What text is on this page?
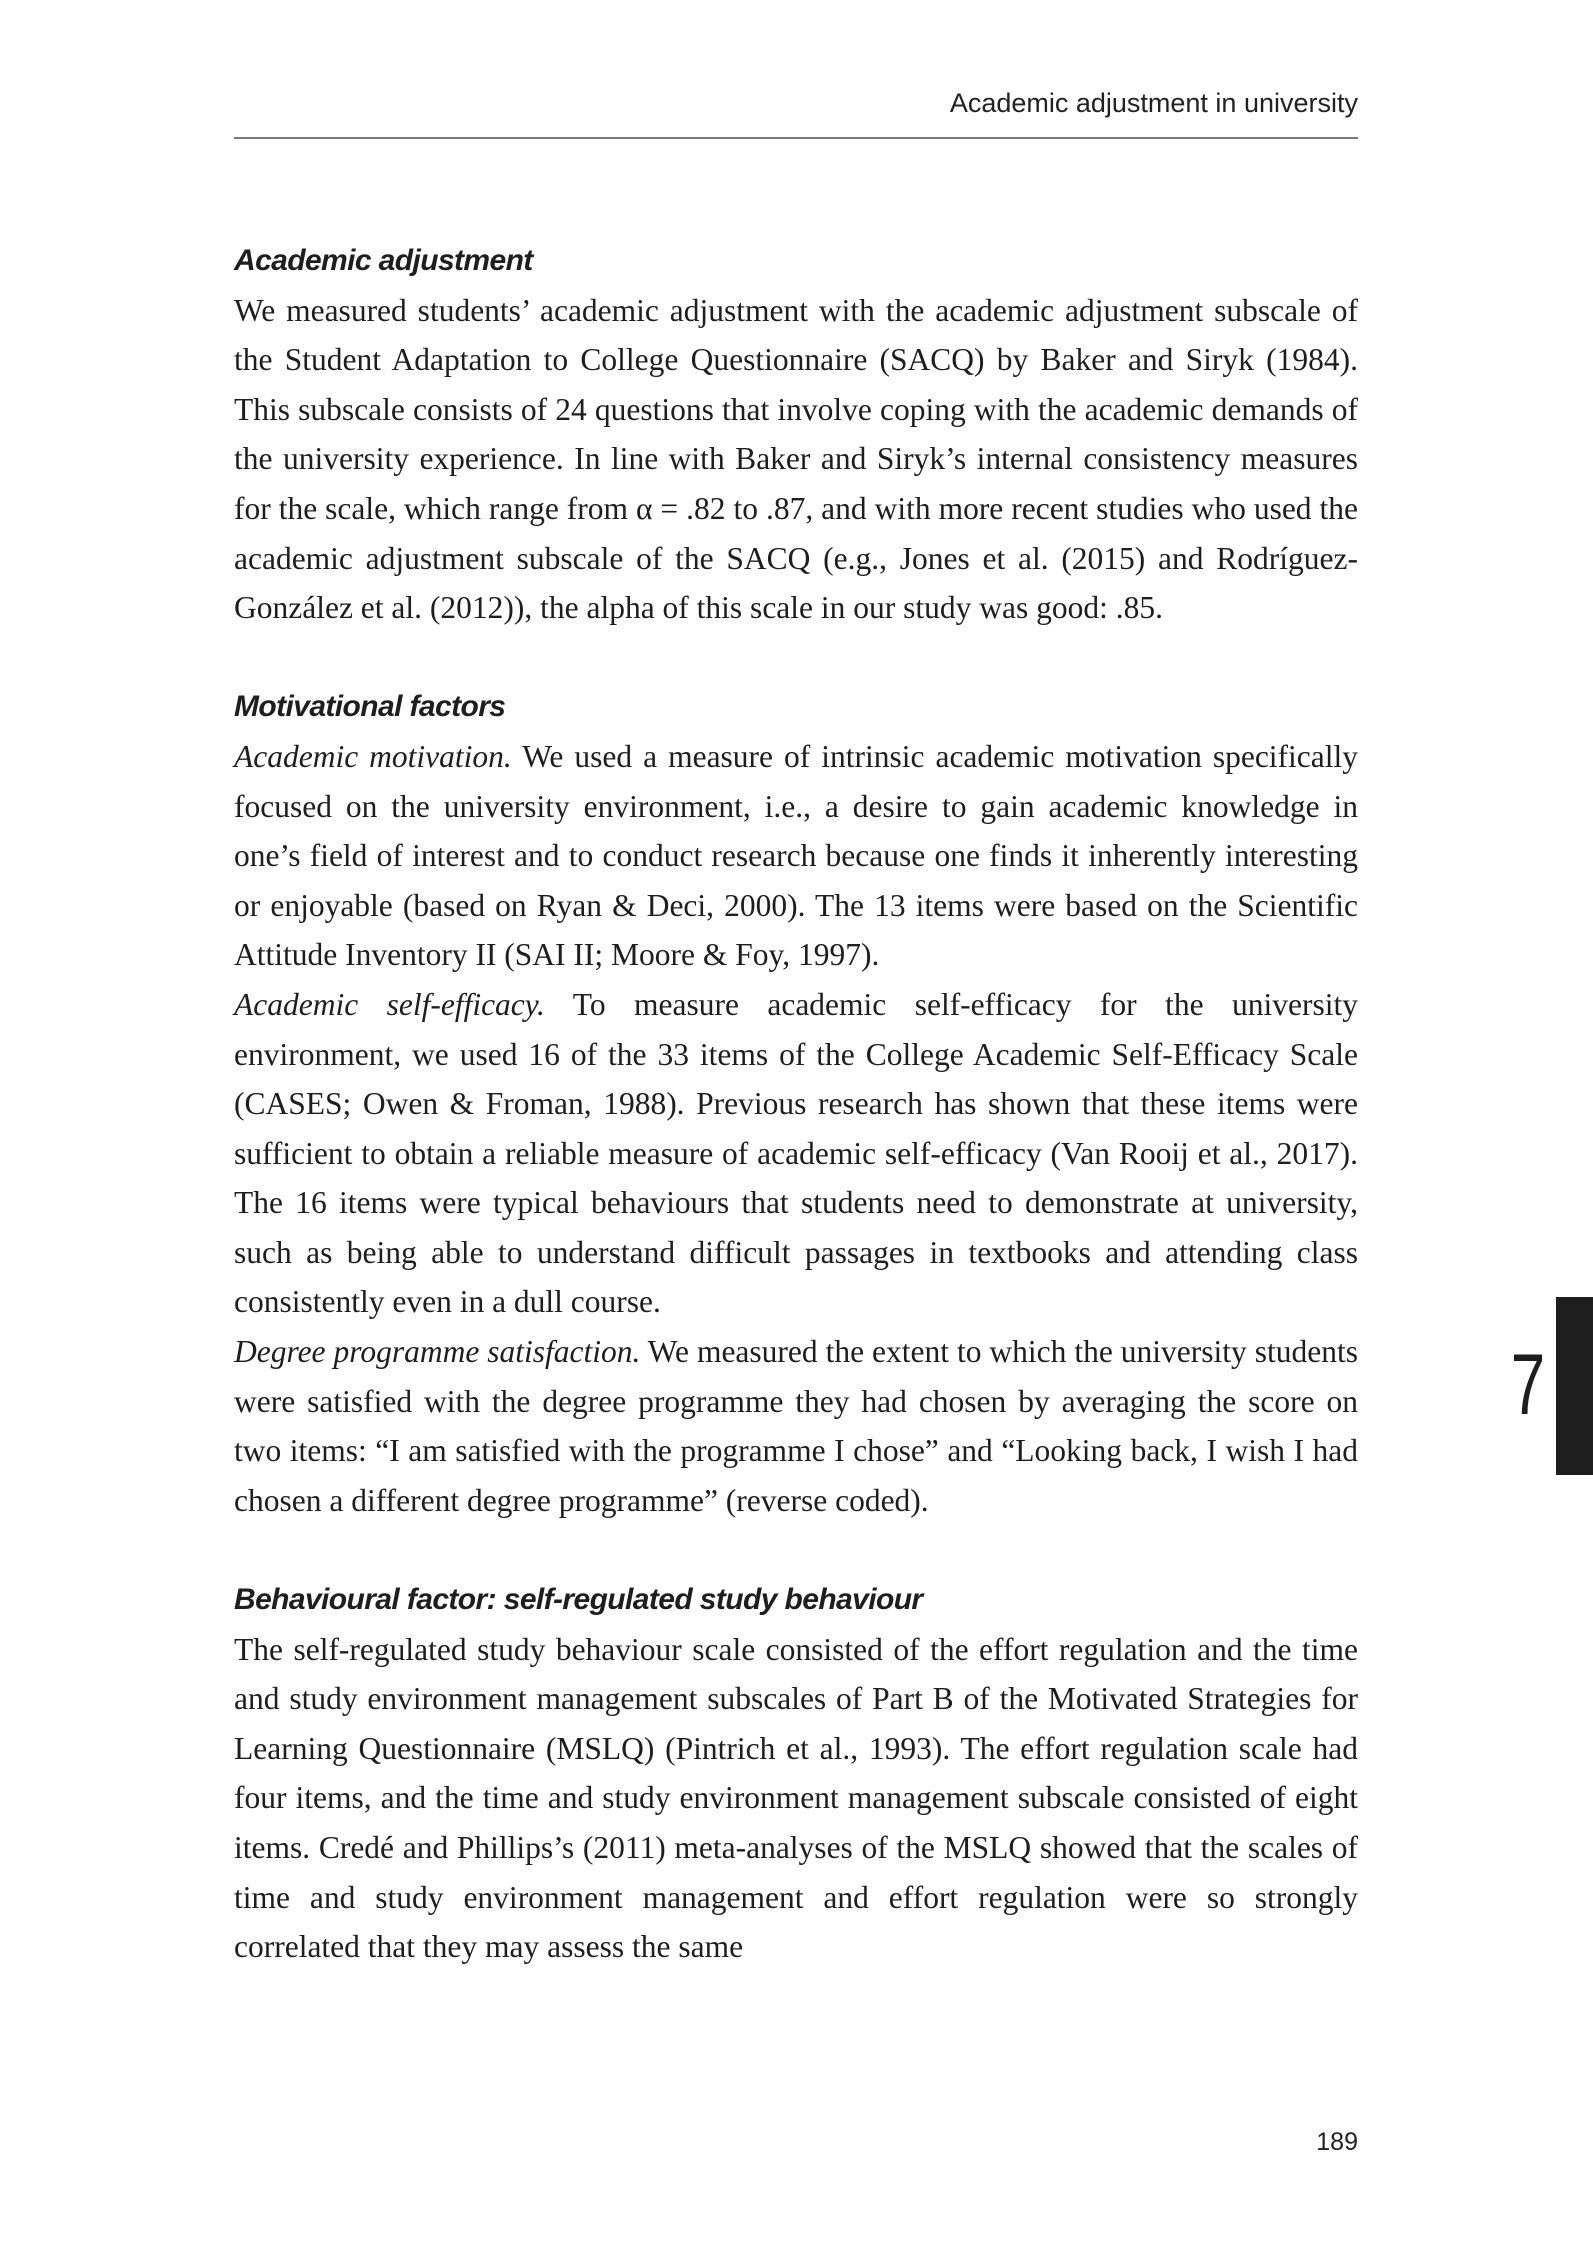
Academic adjustment in university
Academic adjustment

We measured students’ academic adjustment with the academic adjustment subscale of the Student Adaptation to College Questionnaire (SACQ) by Baker and Siryk (1984). This subscale consists of 24 questions that involve coping with the academic demands of the university experience. In line with Baker and Siryk’s internal consistency measures for the scale, which range from α = .82 to .87, and with more recent studies who used the academic adjustment subscale of the SACQ (e.g., Jones et al. (2015) and Rodríguez-González et al. (2012)), the alpha of this scale in our study was good: .85.

Motivational factors

Academic motivation. We used a measure of intrinsic academic motivation specifically focused on the university environment, i.e., a desire to gain academic knowledge in one’s field of interest and to conduct research because one finds it inherently interesting or enjoyable (based on Ryan & Deci, 2000). The 13 items were based on the Scientific Attitude Inventory II (SAI II; Moore & Foy, 1997).

Academic self-efficacy. To measure academic self-efficacy for the university environment, we used 16 of the 33 items of the College Academic Self-Efficacy Scale (CASES; Owen & Froman, 1988). Previous research has shown that these items were sufficient to obtain a reliable measure of academic self-efficacy (Van Rooij et al., 2017). The 16 items were typical behaviours that students need to demonstrate at university, such as being able to understand difficult passages in textbooks and attending class consistently even in a dull course.

Degree programme satisfaction. We measured the extent to which the university students were satisfied with the degree programme they had chosen by averaging the score on two items: “I am satisfied with the programme I chose” and “Looking back, I wish I had chosen a different degree programme” (reverse coded).

Behavioural factor: self-regulated study behaviour

The self-regulated study behaviour scale consisted of the effort regulation and the time and study environment management subscales of Part B of the Motivated Strategies for Learning Questionnaire (MSLQ) (Pintrich et al., 1993). The effort regulation scale had four items, and the time and study environment management subscale consisted of eight items. Credé and Phillips’s (2011) meta-analyses of the MSLQ showed that the scales of time and study environment management and effort regulation were so strongly correlated that they may assess the same

7
189
